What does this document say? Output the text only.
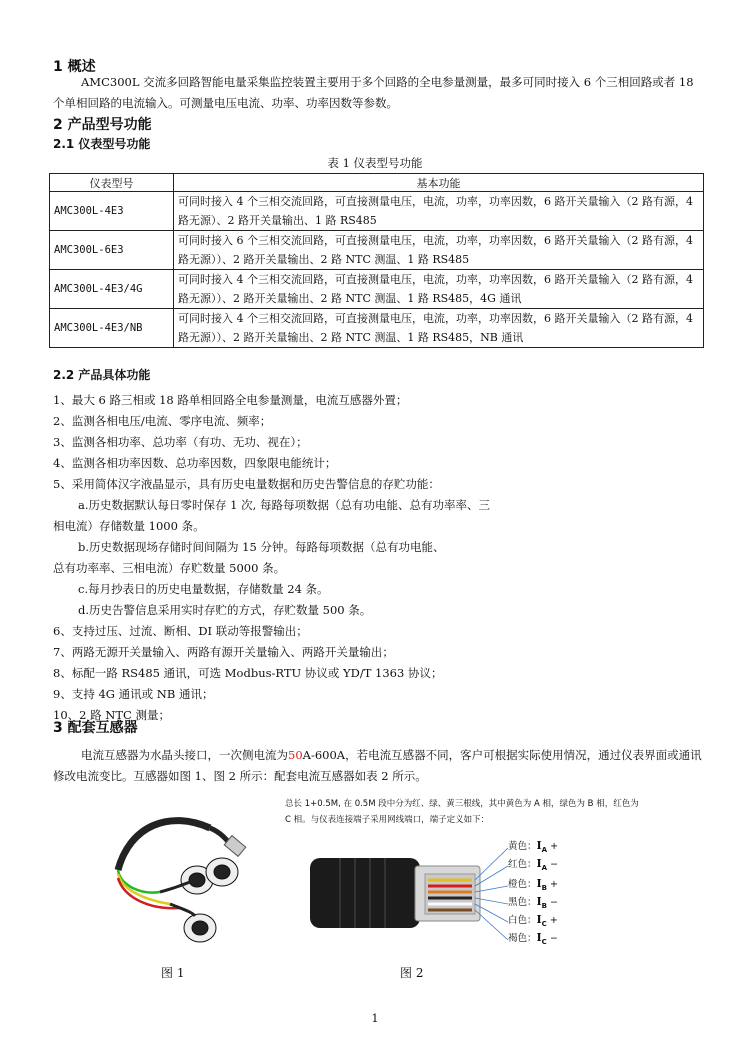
1 概述
AMC300L 交流多回路智能电量采集监控装置主要用于多个回路的全电参量测量，最多可同时接入 6 个三相回路或者 18 个单相回路的电流输入。可测量电压电流、功率、功率因数等参数。
2 产品型号功能
2.1 仪表型号功能
表 1 仪表型号功能
仪表型号	基本功能
AMC300L-4E3	可同时接入 4 个三相交流回路，可直接测量电压，电流，功率，功率因数，6 路开关量输入（2 路有源，4 路无源）、2 路开关量输出、1 路 RS485
AMC300L-6E3	可同时接入 6 个三相交流回路，可直接测量电压，电流，功率，功率因数，6 路开关量输入（2 路有源，4 路无源））、2 路开关量输出、2 路 NTC 测温、1 路 RS485
AMC300L-4E3/4G	可同时接入 4 个三相交流回路，可直接测量电压，电流，功率，功率因数，6 路开关量输入（2 路有源，4 路无源））、2 路开关量输出、2 路 NTC 测温、1 路 RS485，4G 通讯
AMC300L-4E3/NB	可同时接入 4 个三相交流回路，可直接测量电压，电流，功率，功率因数，6 路开关量输入（2 路有源，4 路无源））、2 路开关量输出、2 路 NTC 测温、1 路 RS485，NB 通讯
2.2 产品具体功能
1、最大 6 路三相或 18 路单相回路全电参量测量，电流互感器外置；
2、监测各相电压/电流、零序电流、频率；
3、监测各相功率、总功率（有功、无功、视在）；
4、监测各相功率因数、总功率因数，四象限电能统计；
5、采用简体汉字液晶显示，具有历史电量数据和历史告警信息的存贮功能：
a.历史数据默认每日零时保存 1 次, 每路每项数据（总有功电能、总有功率率、三
相电流）存储数量 1000 条。
b.历史数据现场存储时间间隔为 15 分钟。每路每项数据（总有功电能、
总有功率率、三相电流）存贮数量 5000 条。
c.每月抄表日的历史电量数据，存储数量 24 条。
d.历史告警信息采用实时存贮的方式，存贮数量 500 条。
6、支持过压、过流、断相、DI 联动等报警输出；
7、两路无源开关量输入、两路有源开关量输入、两路开关量输出；
8、标配一路 RS485 通讯，可选 Modbus-RTU 协议或 YD/T 1363 协议；
9、支持 4G 通讯或 NB 通讯；
10、2 路 NTC 测量；
3 配套互感器
电流互感器为水晶头接口，一次侧电流为50A-600A，若电流互感器不同，客户可根据实际使用情况，通过仪表界面或通讯修改电流变比。互感器如图 1、图 2 所示：配套电流互感器如表 2 所示。
总长 1+0.5M, 在 0.5M 段中分为红、绿、黄三根线，其中黄色为 A 相，绿色为 B 相，红色为
C 相。与仪表连接端子采用网线端口，端子定义如下：
黄色：$I_A$ +
红色：$I_A$ −
橙色：$I_B$ +
黑色：$I_B$ −
白色：$I_C$ +
褐色：$I_C$ −
图 1	图 2
1
